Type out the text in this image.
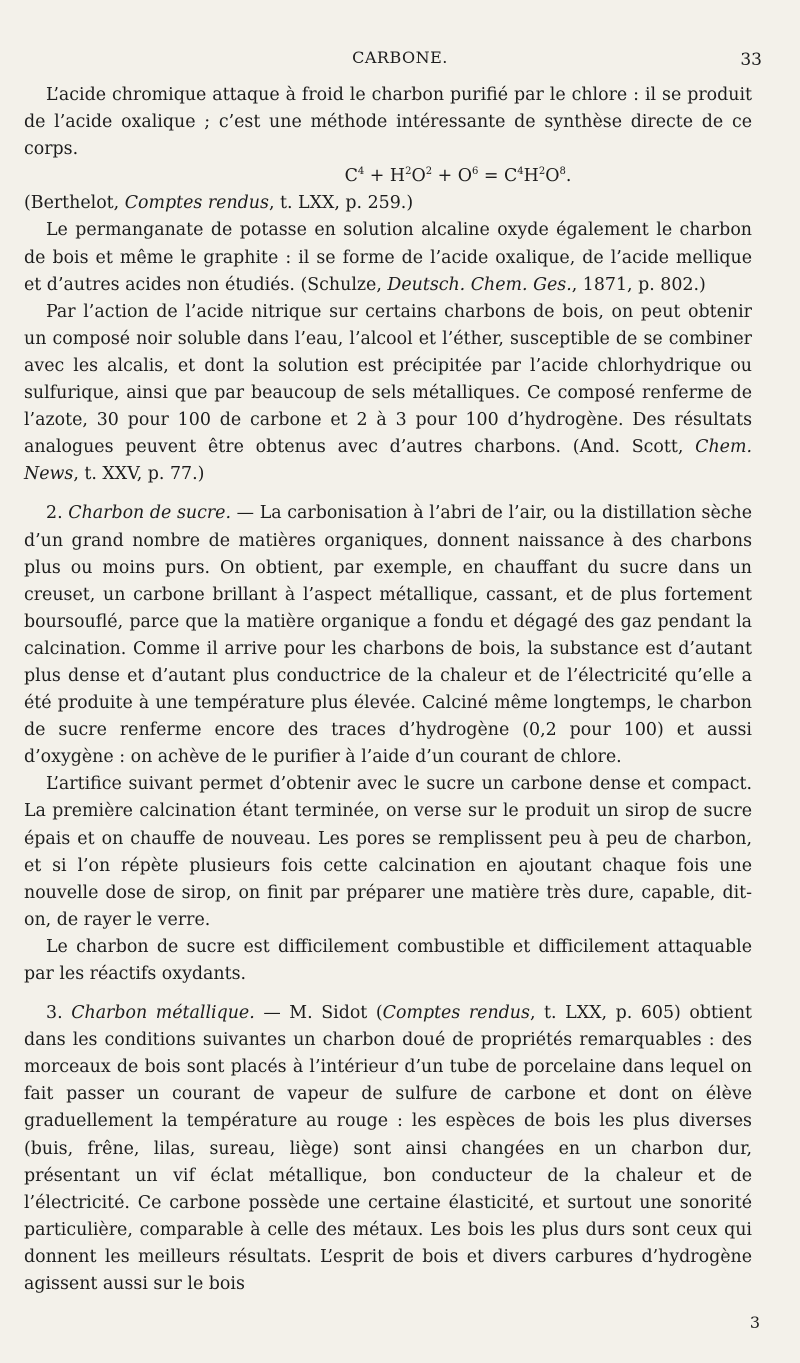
CARBONE.	33

L’acide chromique attaque à froid le charbon purifié par le chlore : il se produit de l’acide oxalique ; c’est une méthode intéressante de synthèse directe de ce corps.

$C^4 + H^2O^2 + O^6 = C^4H^2O^8$.

(Berthelot, Comptes rendus, t. LXX, p. 259.)

Le permanganate de potasse en solution alcaline oxyde également le charbon de bois et même le graphite : il se forme de l’acide oxalique, de l’acide mellique et d’autres acides non étudiés. (Schulze, Deutsch. Chem. Ges., 1871, p. 802.)

Par l’action de l’acide nitrique sur certains charbons de bois, on peut obtenir un composé noir soluble dans l’eau, l’alcool et l’éther, susceptible de se combiner avec les alcalis, et dont la solution est précipitée par l’acide chlorhydrique ou sulfurique, ainsi que par beaucoup de sels métalliques. Ce composé renferme de l’azote, 30 pour 100 de carbone et 2 à 3 pour 100 d’hydrogène. Des résultats analogues peuvent être obtenus avec d’autres charbons. (And. Scott, Chem. News, t. XXV, p. 77.)

2. Charbon de sucre. — La carbonisation à l’abri de l’air, ou la distillation sèche d’un grand nombre de matières organiques, donnent naissance à des charbons plus ou moins purs. On obtient, par exemple, en chauffant du sucre dans un creuset, un carbone brillant à l’aspect métallique, cassant, et de plus fortement boursouflé, parce que la matière organique a fondu et dégagé des gaz pendant la calcination. Comme il arrive pour les charbons de bois, la substance est d’autant plus dense et d’autant plus conductrice de la chaleur et de l’électricité qu’elle a été produite à une température plus élevée. Calciné même longtemps, le charbon de sucre renferme encore des traces d’hydrogène (0,2 pour 100) et aussi d’oxygène : on achève de le purifier à l’aide d’un courant de chlore.

L’artifice suivant permet d’obtenir avec le sucre un carbone dense et compact. La première calcination étant terminée, on verse sur le produit un sirop de sucre épais et on chauffe de nouveau. Les pores se remplissent peu à peu de charbon, et si l’on répète plusieurs fois cette calcination en ajoutant chaque fois une nouvelle dose de sirop, on finit par préparer une matière très dure, capable, dit-on, de rayer le verre.

Le charbon de sucre est difficilement combustible et difficilement attaquable par les réactifs oxydants.

3. Charbon métallique. — M. Sidot (Comptes rendus, t. LXX, p. 605) obtient dans les conditions suivantes un charbon doué de propriétés remarquables : des morceaux de bois sont placés à l’intérieur d’un tube de porcelaine dans lequel on fait passer un courant de vapeur de sulfure de carbone et dont on élève graduellement la température au rouge : les espèces de bois les plus diverses (buis, frêne, lilas, sureau, liège) sont ainsi changées en un charbon dur, présentant un vif éclat métallique, bon conducteur de la chaleur et de l’électricité. Ce carbone possède une certaine élasticité, et surtout une sonorité particulière, comparable à celle des métaux. Les bois les plus durs sont ceux qui donnent les meilleurs résultats. L’esprit de bois et divers carbures d’hydrogène agissent aussi sur le bois

3
